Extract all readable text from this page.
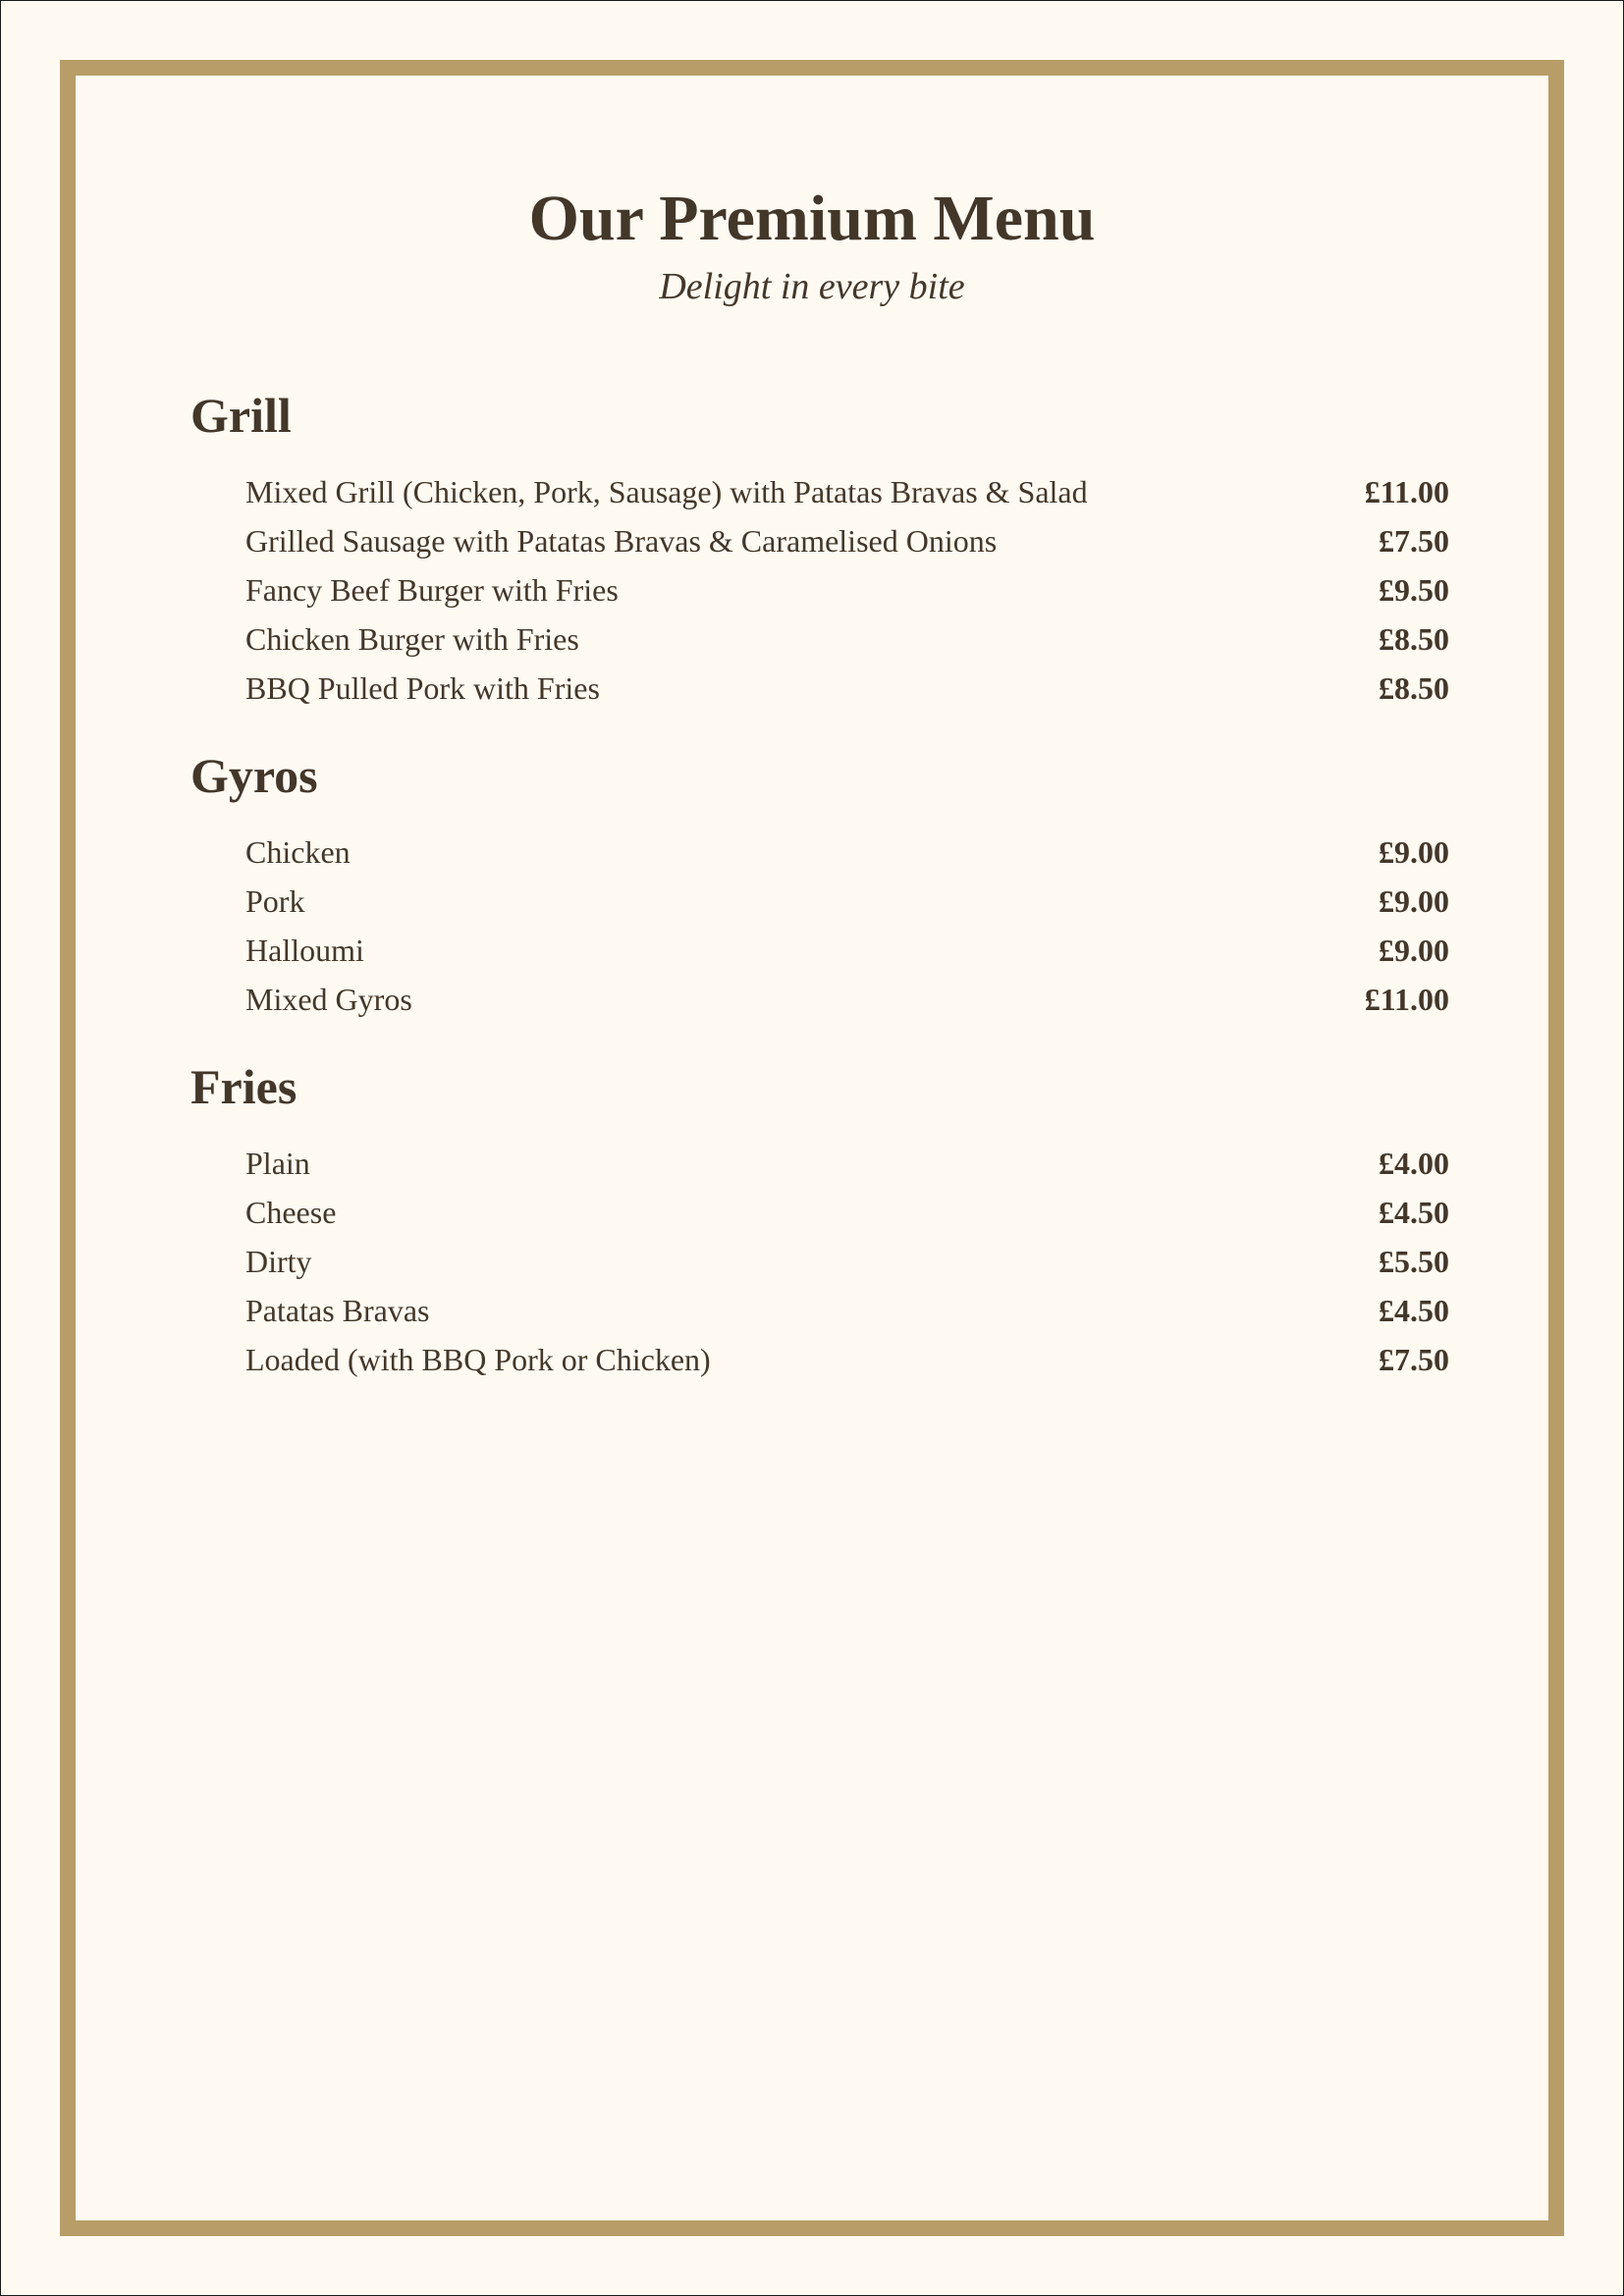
Our Premium Menu

Delight in every bite

Grill
Mixed Grill (Chicken, Pork, Sausage) with Patatas Bravas & Salad	£11.00
Grilled Sausage with Patatas Bravas & Caramelised Onions	£7.50
Fancy Beef Burger with Fries	£9.50
Chicken Burger with Fries	£8.50
BBQ Pulled Pork with Fries	£8.50
Gyros
Chicken	£9.00
Pork	£9.00
Halloumi	£9.00
Mixed Gyros	£11.00
Fries
Plain	£4.00
Cheese	£4.50
Dirty	£5.50
Patatas Bravas	£4.50
Loaded (with BBQ Pork or Chicken)	£7.50
